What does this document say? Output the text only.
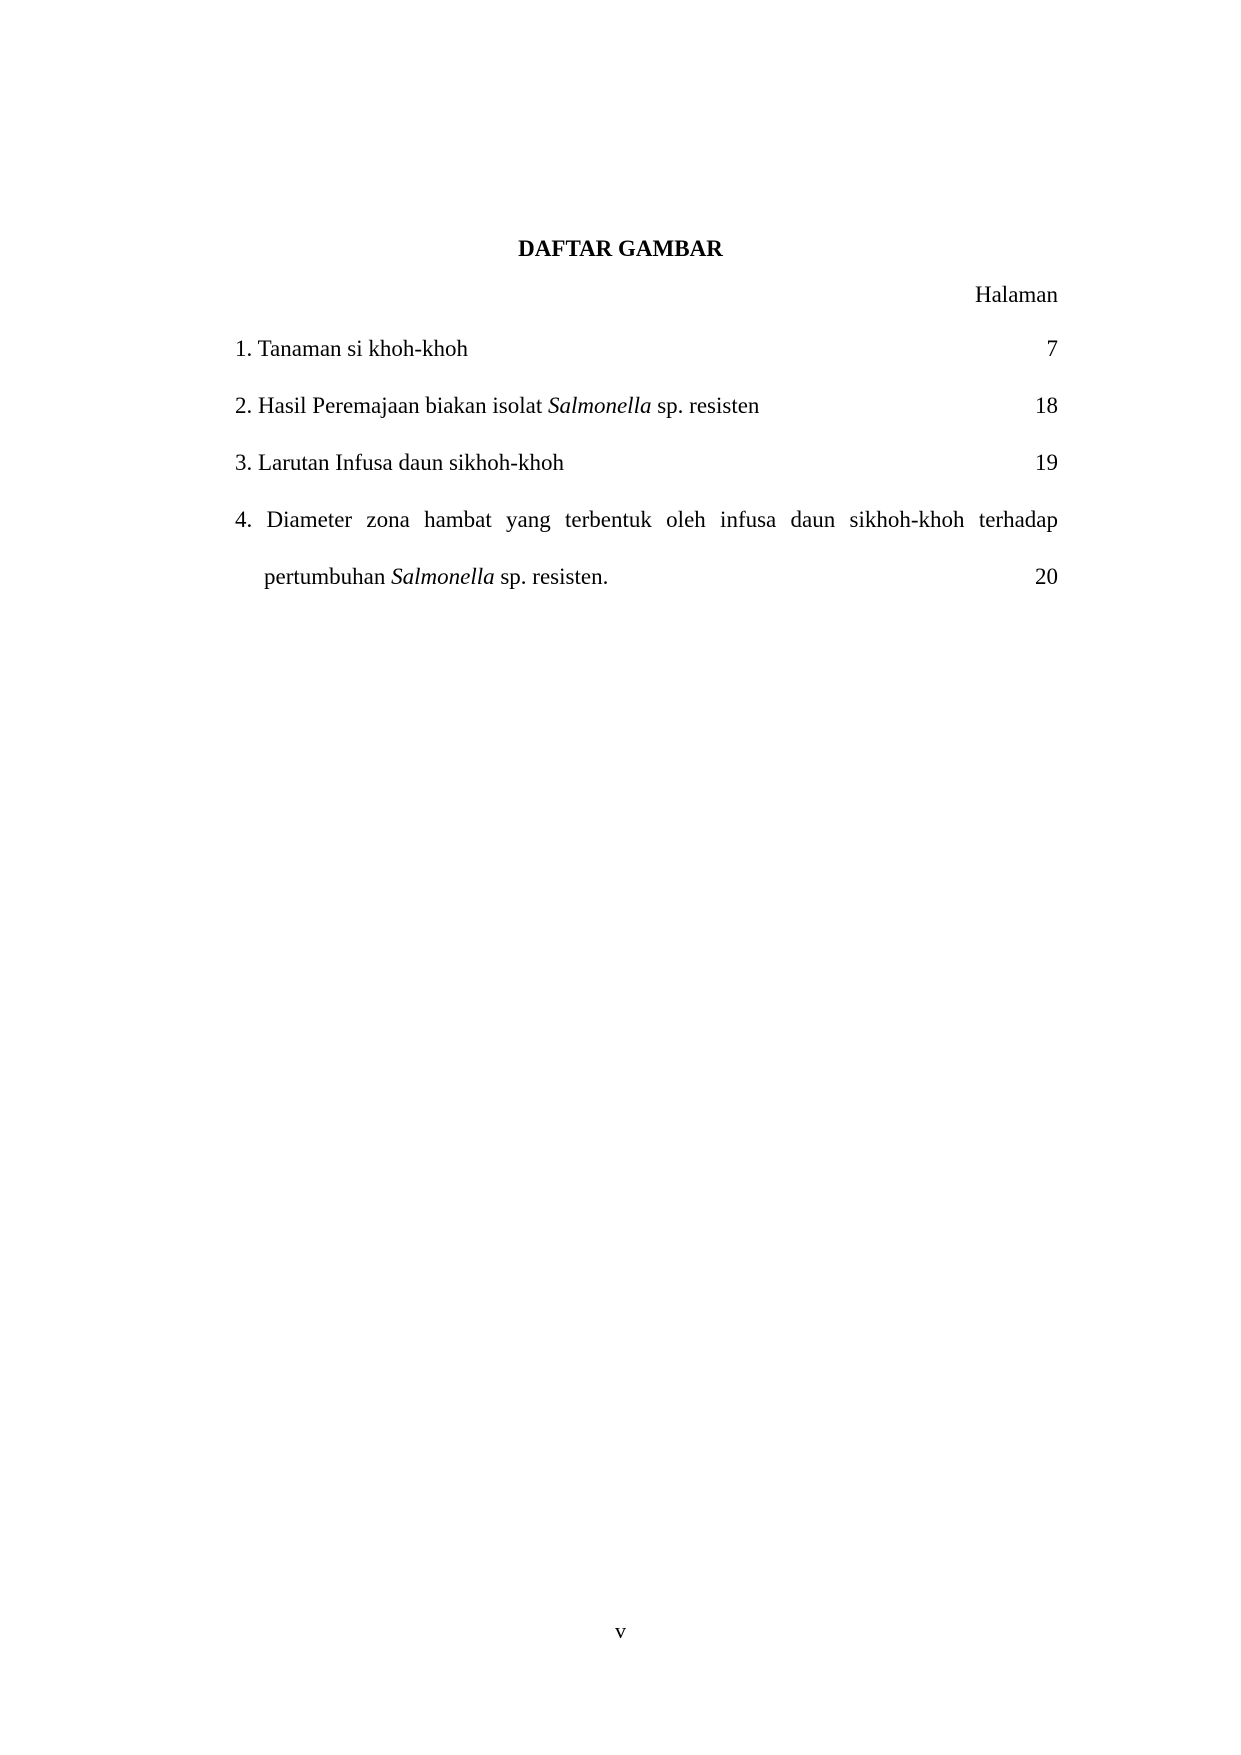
DAFTAR GAMBAR
Halaman
1. Tanaman si khoh-khoh	7
2. Hasil Peremajaan biakan isolat Salmonella sp. resisten	18
3. Larutan Infusa daun sikhoh-khoh	19
4. Diameter zona hambat yang terbentuk oleh infusa daun sikhoh-khoh terhadap
pertumbuhan Salmonella sp. resisten.	20
v
